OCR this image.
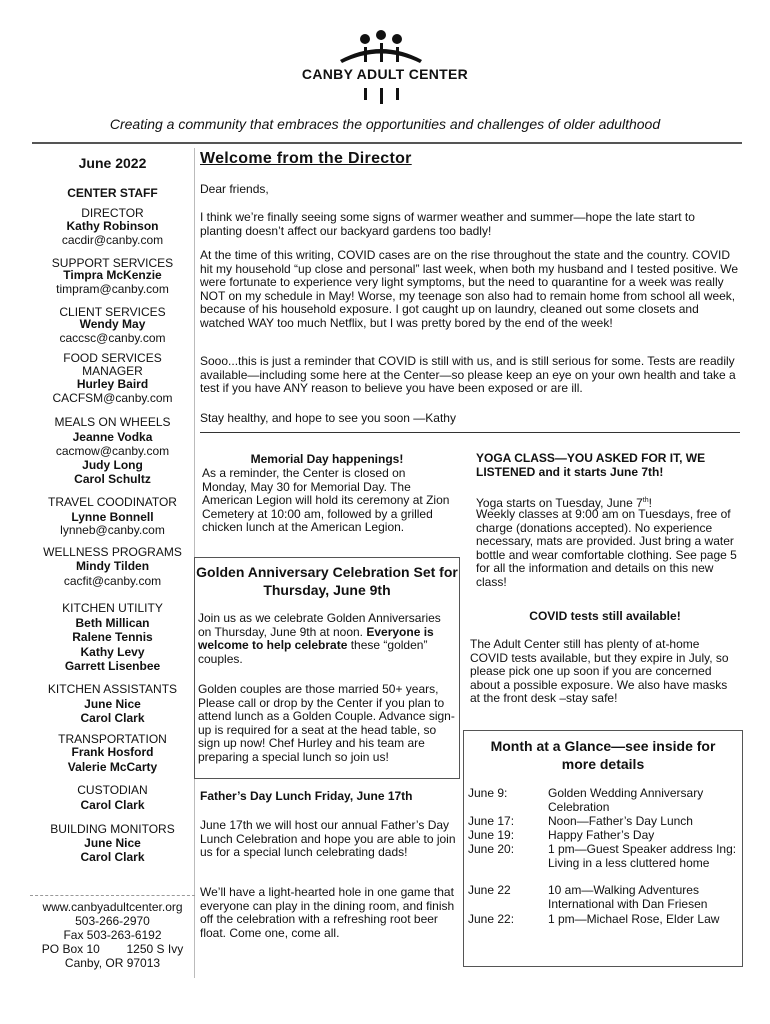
CANBY ADULT CENTER
Creating a community that embraces the opportunities and challenges of older adulthood
June 2022
CENTER STAFF
DIRECTOR
Kathy Robinson
cacdir@canby.com
SUPPORT SERVICES
Timpra McKenzie
timpram@canby.com
CLIENT SERVICES
Wendy May
caccsc@canby.com
FOOD SERVICES MANAGER
Hurley Baird
CACFSM@canby.com
MEALS ON WHEELS
Jeanne Vodka
cacmow@canby.com
Judy Long
Carol Schultz
TRAVEL COODINATOR
Lynne Bonnell
lynneb@canby.com
WELLNESS PROGRAMS
Mindy Tilden
cacfit@canby.com
KITCHEN UTILITY
Beth Millican
Ralene Tennis
Kathy Levy
Garrett Lisenbee
KITCHEN ASSISTANTS
June Nice
Carol Clark
TRANSPORTATION
Frank Hosford
Valerie McCarty
CUSTODIAN
Carol Clark
BUILDING MONITORS
June Nice
Carol Clark
www.canbyadultcenter.org
503-266-2970
Fax 503-263-6192
PO Box 10        1250 S Ivy
Canby, OR 97013
Welcome from the Director
Dear friends,
I think we’re finally seeing some signs of warmer weather and summer—hope the late start to planting doesn’t affect our backyard gardens too badly!
At the time of this writing, COVID cases are on the rise throughout the state and the country. COVID hit my household “up close and personal” last week, when both my husband and I tested positive. We were fortunate to experience very light symptoms, but the need to quarantine for a week was really NOT on my schedule in May! Worse, my teenage son also had to remain home from school all week, because of his household exposure. I got caught up on laundry, cleaned out some closets and watched WAY too much Netflix, but I was pretty bored by the end of the week!
Sooo...this is just a reminder that COVID is still with us, and is still serious for some. Tests are readily available—including some here at the Center—so please keep an eye on your own health and take a test if you have ANY reason to believe you have been exposed or are ill.
Stay healthy, and hope to see you soon —Kathy
Memorial Day happenings!
As a reminder, the Center is closed on Monday, May 30 for Memorial Day. The American Legion will hold its ceremony at Zion Cemetery at 10:00 am, followed by a grilled chicken lunch at the American Legion.
Golden Anniversary Celebration Set for Thursday, June 9th
Join us as we celebrate Golden Anniversaries on Thursday, June 9th at noon. Everyone is welcome to help celebrate these “golden” couples.
Golden couples are those married 50+ years, Please call or drop by the Center if you plan to attend lunch as a Golden Couple. Advance sign-up is required for a seat at the head table, so sign up now! Chef Hurley and his team are preparing a special lunch so join us!
Father’s Day Lunch Friday, June 17th
June 17th we will host our annual Father’s Day Lunch Celebration and hope you are able to join us for a special lunch celebrating dads!
We’ll have a light-hearted hole in one game that everyone can play in the dining room, and finish off the celebration with a refreshing root beer float. Come one, come all.
YOGA CLASS—YOU ASKED FOR IT, WE LISTENED and it starts June 7th!
Yoga starts on Tuesday, June 7th!
Weekly classes at 9:00 am on Tuesdays, free of charge (donations accepted). No experience necessary, mats are provided. Just bring a water bottle and wear comfortable clothing. See page 5 for all the information and details on this new class!
COVID tests still available!
The Adult Center still has plenty of at-home COVID tests available, but they expire in July, so please pick one up soon if you are concerned about a possible exposure. We also have masks at the front desk –stay safe!
Month at a Glance—see inside for more details
June 9:	Golden Wedding Anniversary Celebration
June 17:	Noon—Father’s Day Lunch
June 19:	Happy Father’s Day
June 20:	1 pm—Guest Speaker address Ing: Living in a less cluttered home
June 22	10 am—Walking Adventures International with Dan Friesen
June 22:	1 pm—Michael Rose, Elder Law
